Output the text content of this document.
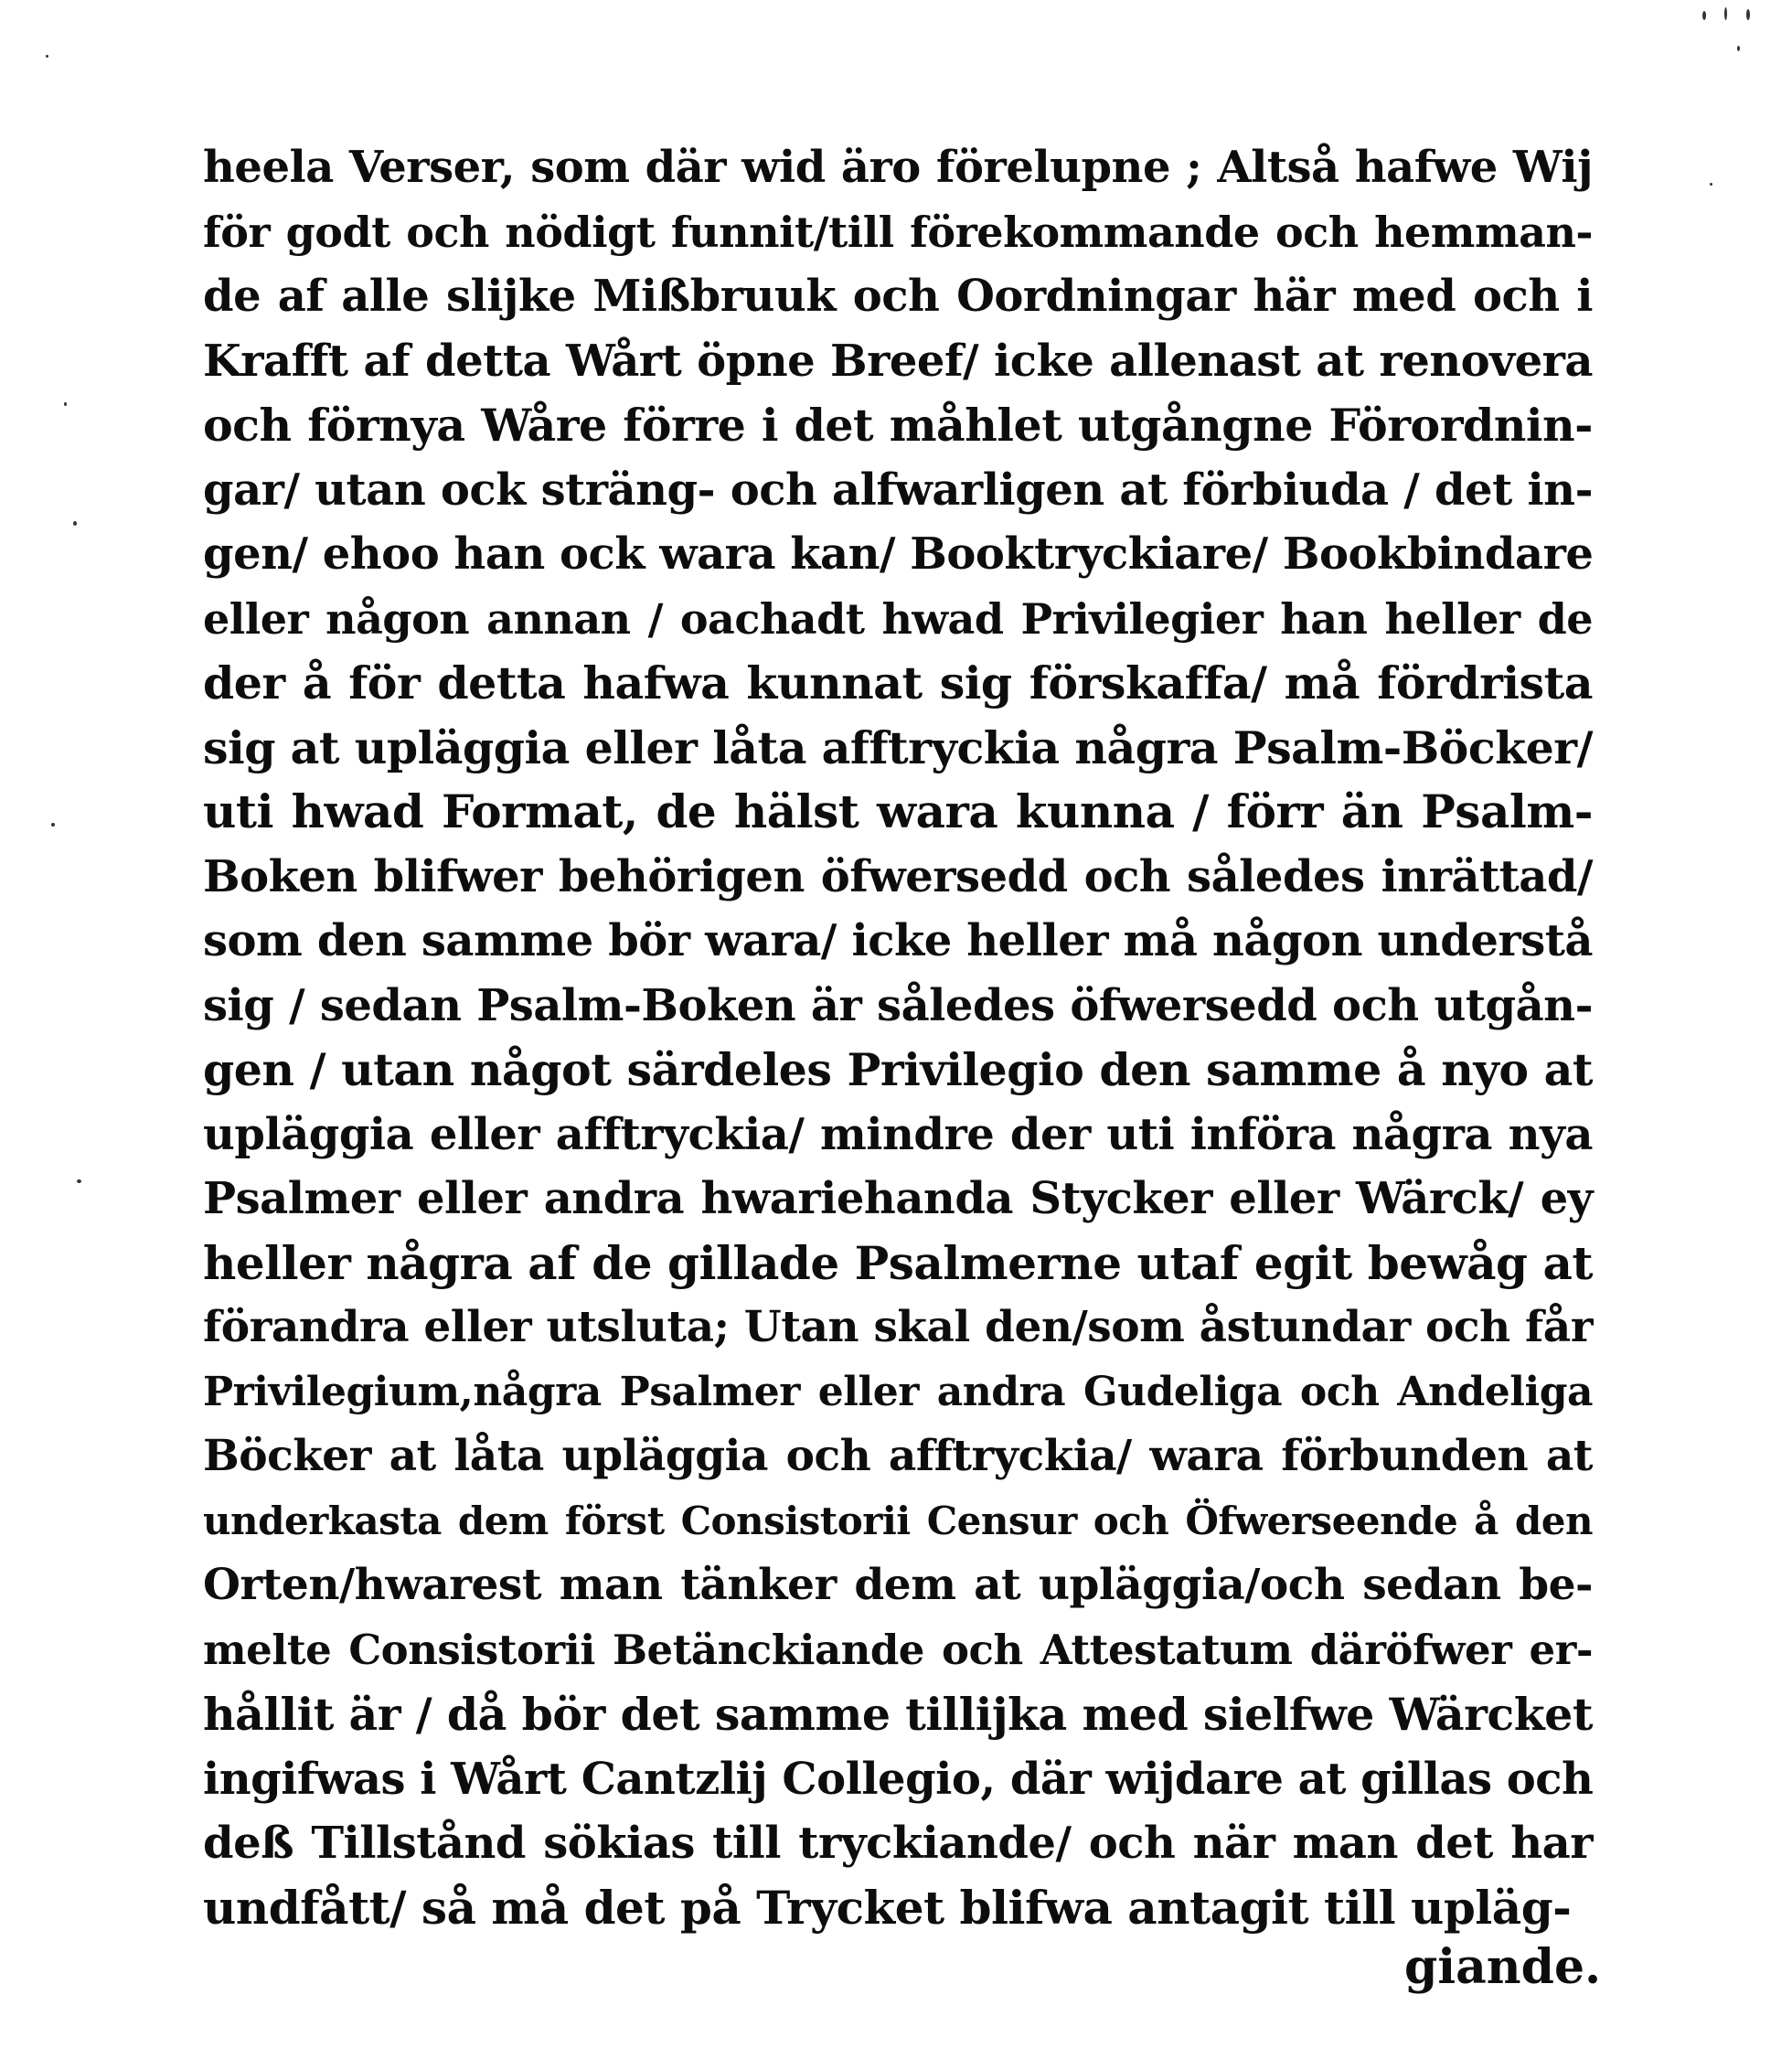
heela Verser, som där wid äro förelupne ; Altså hafwe Wij
för godt och nödigt funnit/till förekommande och hemman-
de af alle slijke Mißbruuk och Oordningar här med och i
Krafft af detta Wårt öpne Breef/ icke allenast at renovera
och förnya Wåre förre i det måhlet utgångne Förordnin-
gar/ utan ock sträng- och alfwarligen at förbiuda / det in-
gen/ ehoo han ock wara kan/ Booktryckiare/ Bookbindare
eller någon annan / oachadt hwad Privilegier han heller de
der å för detta hafwa kunnat sig förskaffa/ må fördrista
sig at upläggia eller låta afftryckia några Psalm-Böcker/
uti hwad Format, de hälst wara kunna / förr än Psalm-
Boken blifwer behörigen öfwersedd och således inrättad/
som den samme bör wara/ icke heller må någon understå
sig / sedan Psalm-Boken är således öfwersedd och utgån-
gen / utan något särdeles Privilegio den samme å nyo at
upläggia eller afftryckia/ mindre der uti införa några nya
Psalmer eller andra hwariehanda Stycker eller Wärck/ ey
heller några af de gillade Psalmerne utaf egit bewåg at
förandra eller utsluta; Utan skal den/som åstundar och får
Privilegium,några Psalmer eller andra Gudeliga och Andeliga
Böcker at låta upläggia och afftryckia/ wara förbunden at
underkasta dem först Consistorii Censur och Öfwerseende å den
Orten/hwarest man tänker dem at upläggia/och sedan be-
melte Consistorii Betänckiande och Attestatum däröfwer er-
hållit är / då bör det samme tillijka med sielfwe Wärcket
ingifwas i Wårt Cantzlij Collegio, där wijdare at gillas och
deß Tillstånd sökias till tryckiande/ och när man det har
undfått/ så må det på Trycket blifwa antagit till upläg-
giande.
